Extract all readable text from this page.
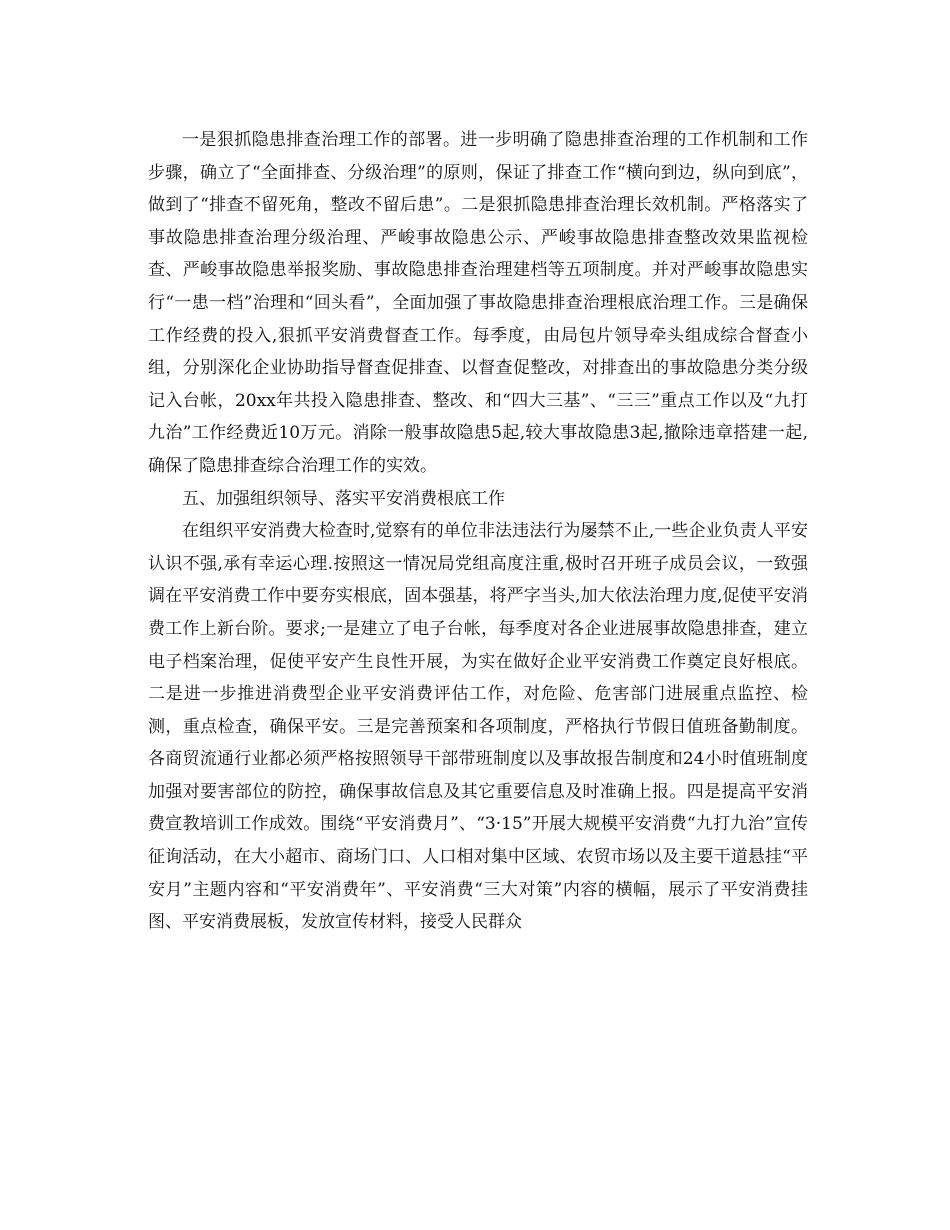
一是狠抓隐患排查治理工作的部署。进一步明确了隐患排查治理的工作机制和工作步骤，确立了“全面排查、分级治理”的原则，保证了排查工作“横向到边，纵向到底”，做到了“排查不留死角，整改不留后患”。二是狠抓隐患排查治理长效机制。严格落实了事故隐患排查治理分级治理、严峻事故隐患公示、严峻事故隐患排查整改效果监视检查、严峻事故隐患举报奖励、事故隐患排查治理建档等五项制度。并对严峻事故隐患实行“一患一档”治理和“回头看”，全面加强了事故隐患排查治理根底治理工作。三是确保工作经费的投入,狠抓平安消费督查工作。每季度，由局包片领导牵头组成综合督查小组，分别深化企业协助指导督查促排查、以督查促整改，对排查出的事故隐患分类分级记入台帐，20xx年共投入隐患排查、整改、和“四大三基”、“三三”重点工作以及“九打九治”工作经费近10万元。消除一般事故隐患5起,较大事故隐患3起,撤除违章搭建一起,确保了隐患排查综合治理工作的实效。

五、加强组织领导、落实平安消费根底工作

在组织平安消费大检查时,觉察有的单位非法违法行为屡禁不止,一些企业负责人平安认识不强,承有幸运心理.按照这一情况局党组高度注重,极时召开班子成员会议，一致强调在平安消费工作中要夯实根底，固本强基，将严字当头,加大依法治理力度,促使平安消费工作上新台阶。要求;一是建立了电子台帐，每季度对各企业进展事故隐患排查，建立电子档案治理，促使平安产生良性开展，为实在做好企业平安消费工作奠定良好根底。二是进一步推进消费型企业平安消费评估工作，对危险、危害部门进展重点监控、检测，重点检查，确保平安。三是完善预案和各项制度，严格执行节假日值班备勤制度。各商贸流通行业都必须严格按照领导干部带班制度以及事故报告制度和24小时值班制度加强对要害部位的防控，确保事故信息及其它重要信息及时准确上报。四是提高平安消费宣教培训工作成效。围绕“平安消费月”、“3·15”开展大规模平安消费“九打九治”宣传征询活动，在大小超市、商场门口、人口相对集中区域、农贸市场以及主要干道悬挂“平安月”主题内容和“平安消费年”、平安消费“三大对策”内容的横幅，展示了平安消费挂图、平安消费展板，发放宣传材料，接受人民群众
